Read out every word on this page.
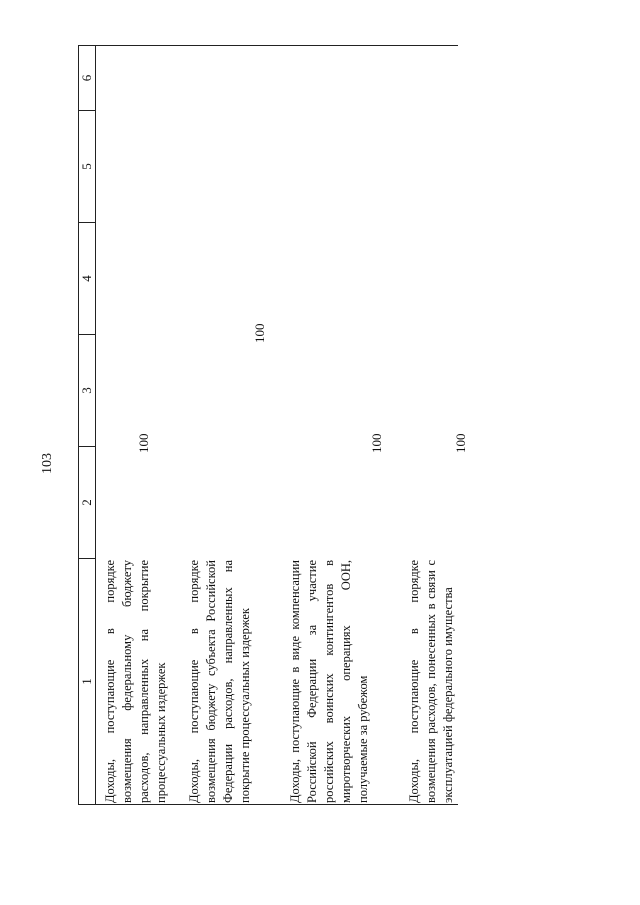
103
1
2
3
4
5
6
Доходы, поступающие в порядке возмещения федеральному бюджету расходов, направленных на покрытие процессуальных издержек
100
Доходы, поступающие в порядке возмещения бюджету субъекта Российской Федерации расходов, направленных на покрытие процессуальных издержек
100
Доходы, поступающие в виде компенсации Российской Федерации за участие российских воинских контингентов в миротворческих операциях ООН, получаемые за рубежом
100
Доходы, поступающие в порядке возмещения расходов, понесенных в связи с эксплуатацией федерального имущества
100
